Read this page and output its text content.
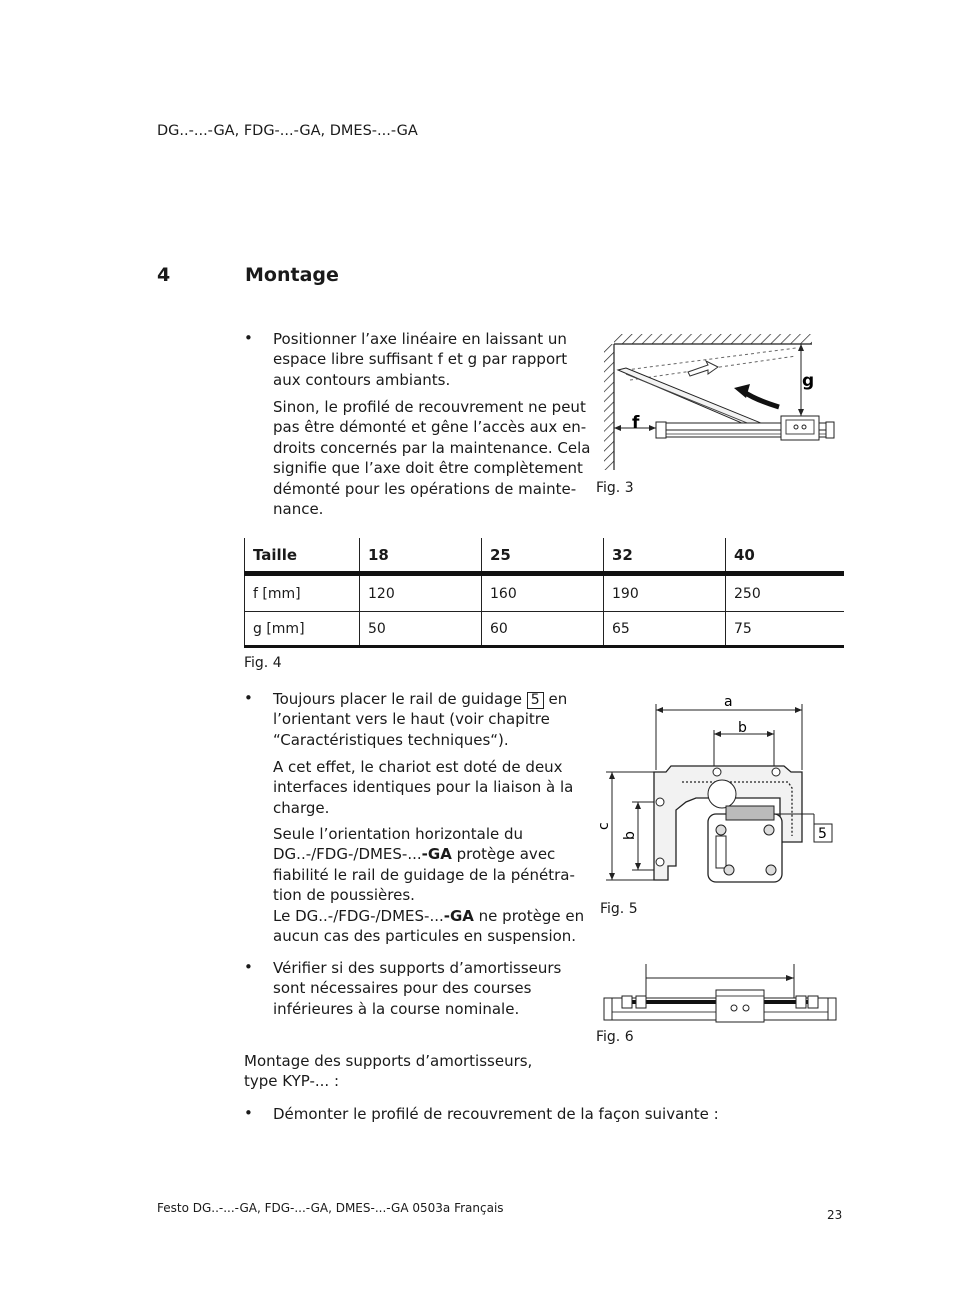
DG..-...-GA, FDG-...-GA, DMES-...-GA
4	Montage
• Positionner l’axe linéaire en laissant un
espace libre suffisant f et g par rapport
aux contours ambiants.
Sinon, le profilé de recouvrement ne peut
pas être démonté et gêne l’accès aux en-
droits concernés par la maintenance. Cela
signifie que l’axe doit être complètement
démonté pour les opérations de mainte-
nance.
f
g
Fig. 3
Taille	18	25	32	40
f [mm]	120	160	190	250
g [mm]	50	60	65	75
Fig. 4
• Toujours placer le rail de guidage 5 en
l’orientant vers le haut (voir chapitre
“Caractéristiques techniques“).
A cet effet, le chariot est doté de deux
interfaces identiques pour la liaison à la
charge.
Seule l’orientation horizontale du
DG..-/FDG-/DMES-...-GA protège avec
fiabilité le rail de guidage de la pénétra-
tion de poussières.
Le DG..-/FDG-/DMES-...-GA ne protège en
aucun cas des particules en suspension.
a
b
c
b	5
Fig. 5
• Vérifier si des supports d’amortisseurs
sont nécessaires pour des courses
inférieures à la course nominale.
Fig. 6
Montage des supports d’amortisseurs,
type KYP-... :
• Démonter le profilé de recouvrement de la façon suivante :
Festo DG..-...-GA, FDG-...-GA, DMES-...-GA 0503a Français	23
